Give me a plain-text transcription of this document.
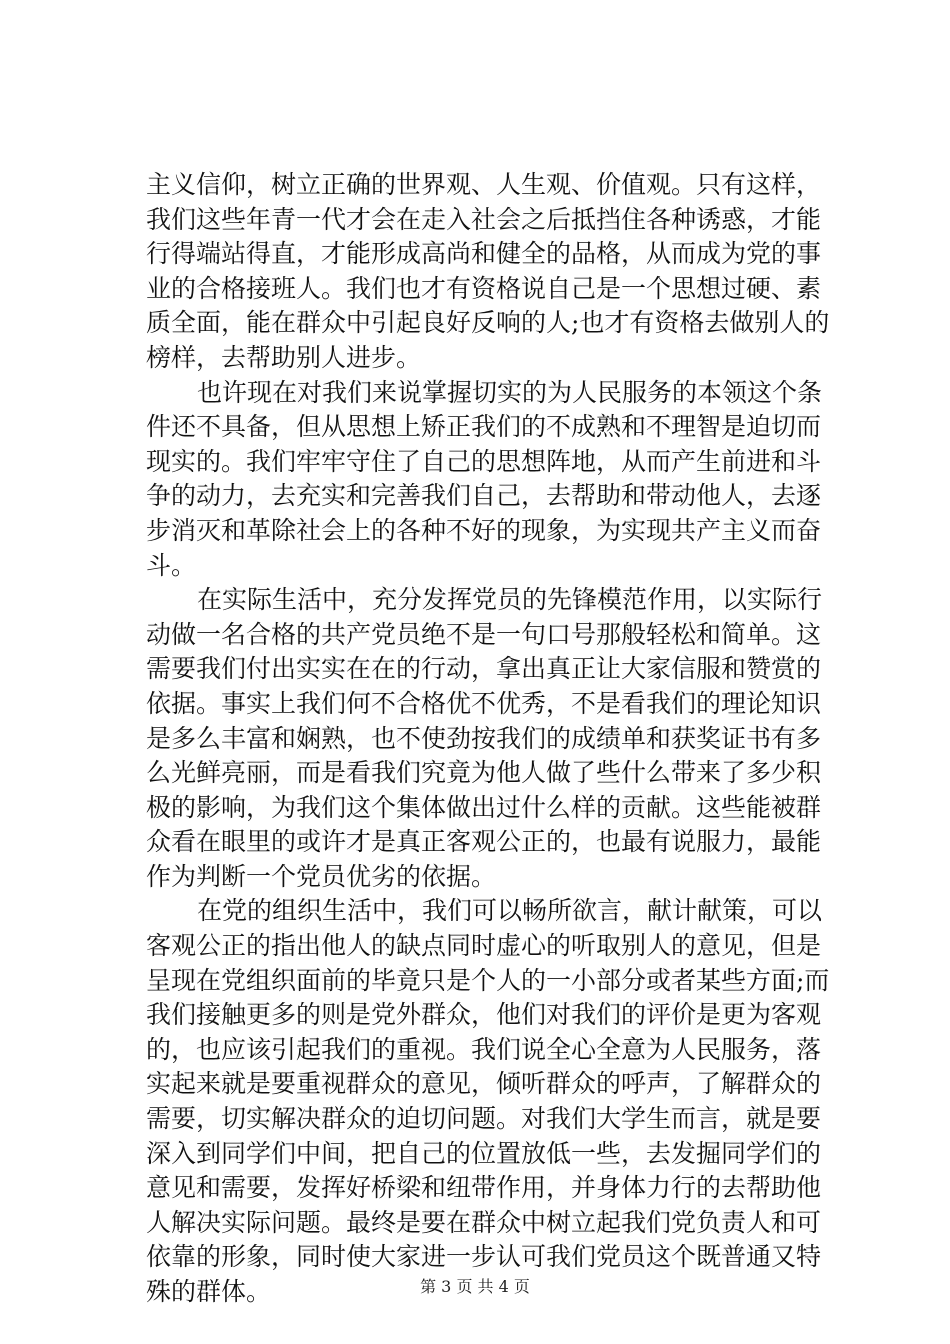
主义信仰，树立正确的世界观、人生观、价值观。只有这样，
我们这些年青一代才会在走入社会之后抵挡住各种诱惑，才能
行得端站得直，才能形成高尚和健全的品格，从而成为党的事
业的合格接班人。我们也才有资格说自己是一个思想过硬、素
质全面，能在群众中引起良好反响的人;也才有资格去做别人的
榜样，去帮助别人进步。
也许现在对我们来说掌握切实的为人民服务的本领这个条
件还不具备，但从思想上矫正我们的不成熟和不理智是迫切而
现实的。我们牢牢守住了自己的思想阵地，从而产生前进和斗
争的动力，去充实和完善我们自己，去帮助和带动他人，去逐
步消灭和革除社会上的各种不好的现象，为实现共产主义而奋
斗。
在实际生活中，充分发挥党员的先锋模范作用，以实际行
动做一名合格的共产党员绝不是一句口号那般轻松和简单。这
需要我们付出实实在在的行动，拿出真正让大家信服和赞赏的
依据。事实上我们何不合格优不优秀，不是看我们的理论知识
是多么丰富和娴熟，也不使劲按我们的成绩单和获奖证书有多
么光鲜亮丽，而是看我们究竟为他人做了些什么带来了多少积
极的影响，为我们这个集体做出过什么样的贡献。这些能被群
众看在眼里的或许才是真正客观公正的，也最有说服力，最能
作为判断一个党员优劣的依据。
在党的组织生活中，我们可以畅所欲言，献计献策，可以
客观公正的指出他人的缺点同时虚心的听取别人的意见，但是
呈现在党组织面前的毕竟只是个人的一小部分或者某些方面;而
我们接触更多的则是党外群众，他们对我们的评价是更为客观
的，也应该引起我们的重视。我们说全心全意为人民服务，落
实起来就是要重视群众的意见，倾听群众的呼声，了解群众的
需要，切实解决群众的迫切问题。对我们大学生而言，就是要
深入到同学们中间，把自己的位置放低一些，去发掘同学们的
意见和需要，发挥好桥梁和纽带作用，并身体力行的去帮助他
人解决实际问题。最终是要在群众中树立起我们党负责人和可
依靠的形象，同时使大家进一步认可我们党员这个既普通又特
殊的群体。	第 3 页 共 4 页
